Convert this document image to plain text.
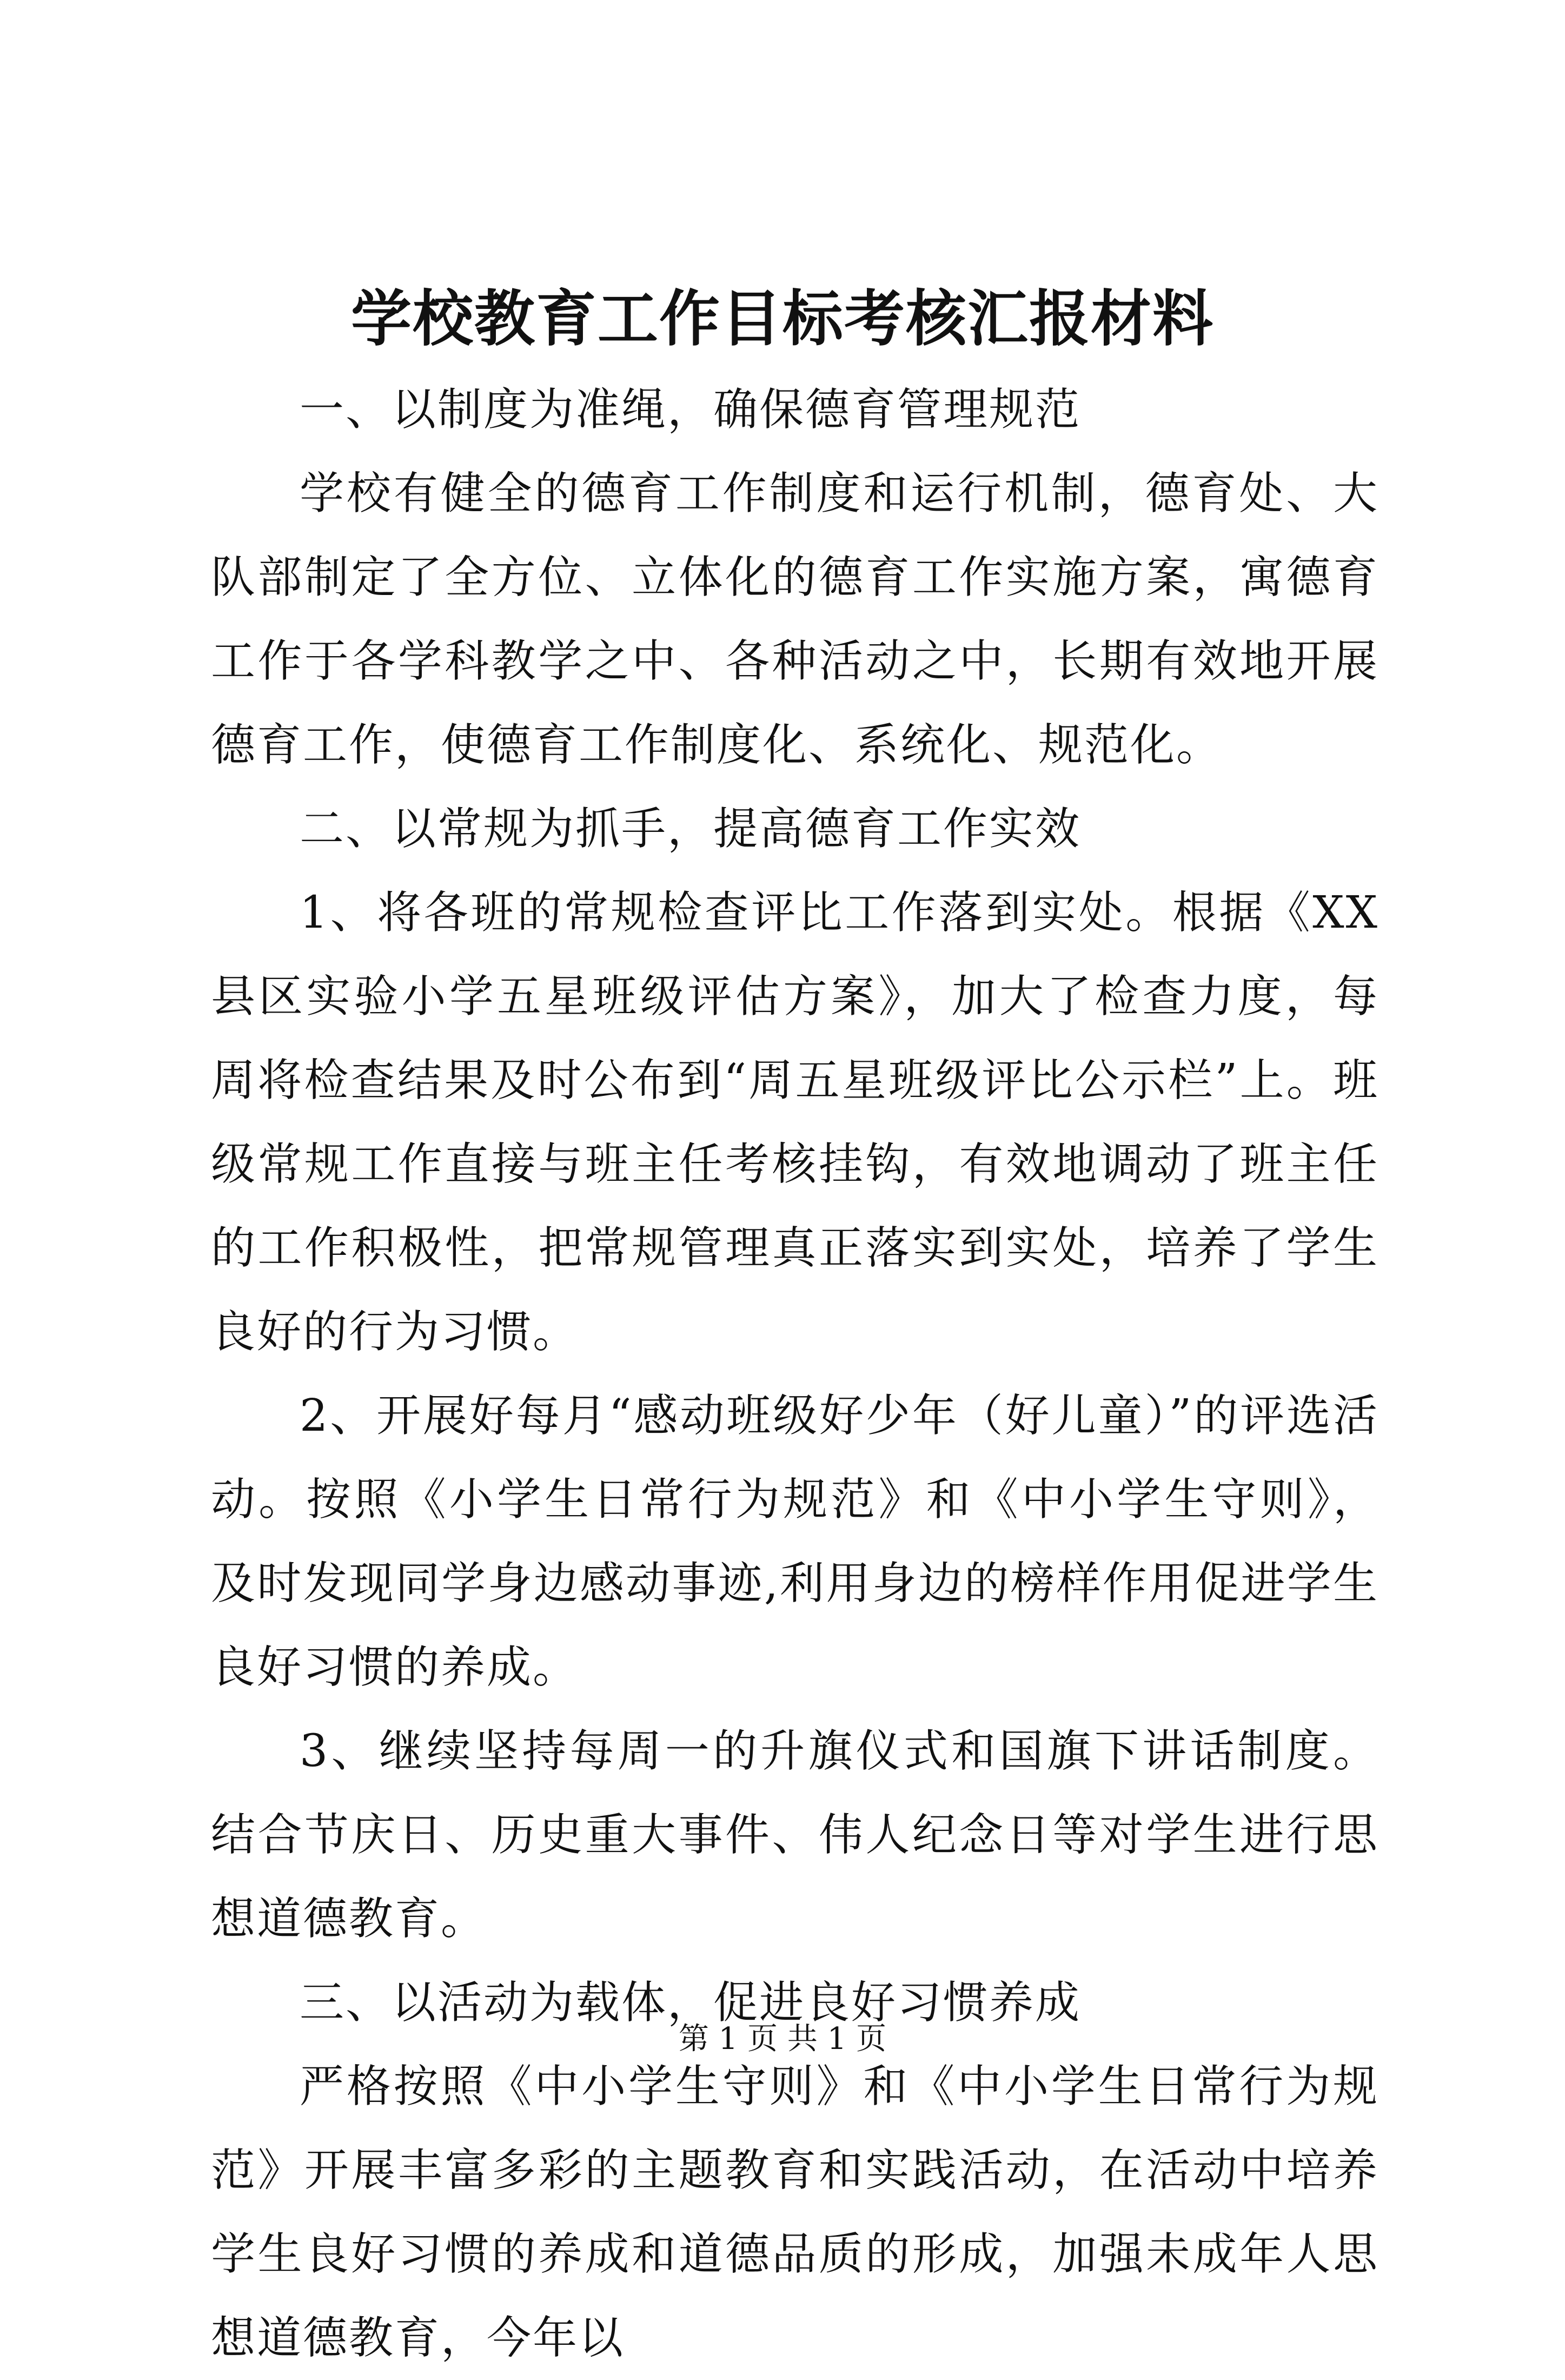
学校教育工作目标考核汇报材料

一、以制度为准绳，确保德育管理规范

学校有健全的德育工作制度和运行机制，德育处、大队部制定了全方位、立体化的德育工作实施方案，寓德育工作于各学科教学之中、各种活动之中，长期有效地开展德育工作，使德育工作制度化、系统化、规范化。

二、以常规为抓手，提高德育工作实效

1、将各班的常规检查评比工作落到实处。根据《XX县区实验小学五星班级评估方案》，加大了检查力度，每周将检查结果及时公布到“周五星班级评比公示栏”上。班级常规工作直接与班主任考核挂钩，有效地调动了班主任的工作积极性，把常规管理真正落实到实处，培养了学生良好的行为习惯。

2、开展好每月“感动班级好少年（好儿童）”的评选活动。按照《小学生日常行为规范》和《中小学生守则》，及时发现同学身边感动事迹,利用身边的榜样作用促进学生良好习惯的养成。

3、继续坚持每周一的升旗仪式和国旗下讲话制度。结合节庆日、历史重大事件、伟人纪念日等对学生进行思想道德教育。

三、以活动为载体，促进良好习惯养成

严格按照《中小学生守则》和《中小学生日常行为规范》开展丰富多彩的主题教育和实践活动，在活动中培养学生良好习惯的养成和道德品质的形成，加强未成年人思想道德教育，今年以

第 1 页 共 1 页
